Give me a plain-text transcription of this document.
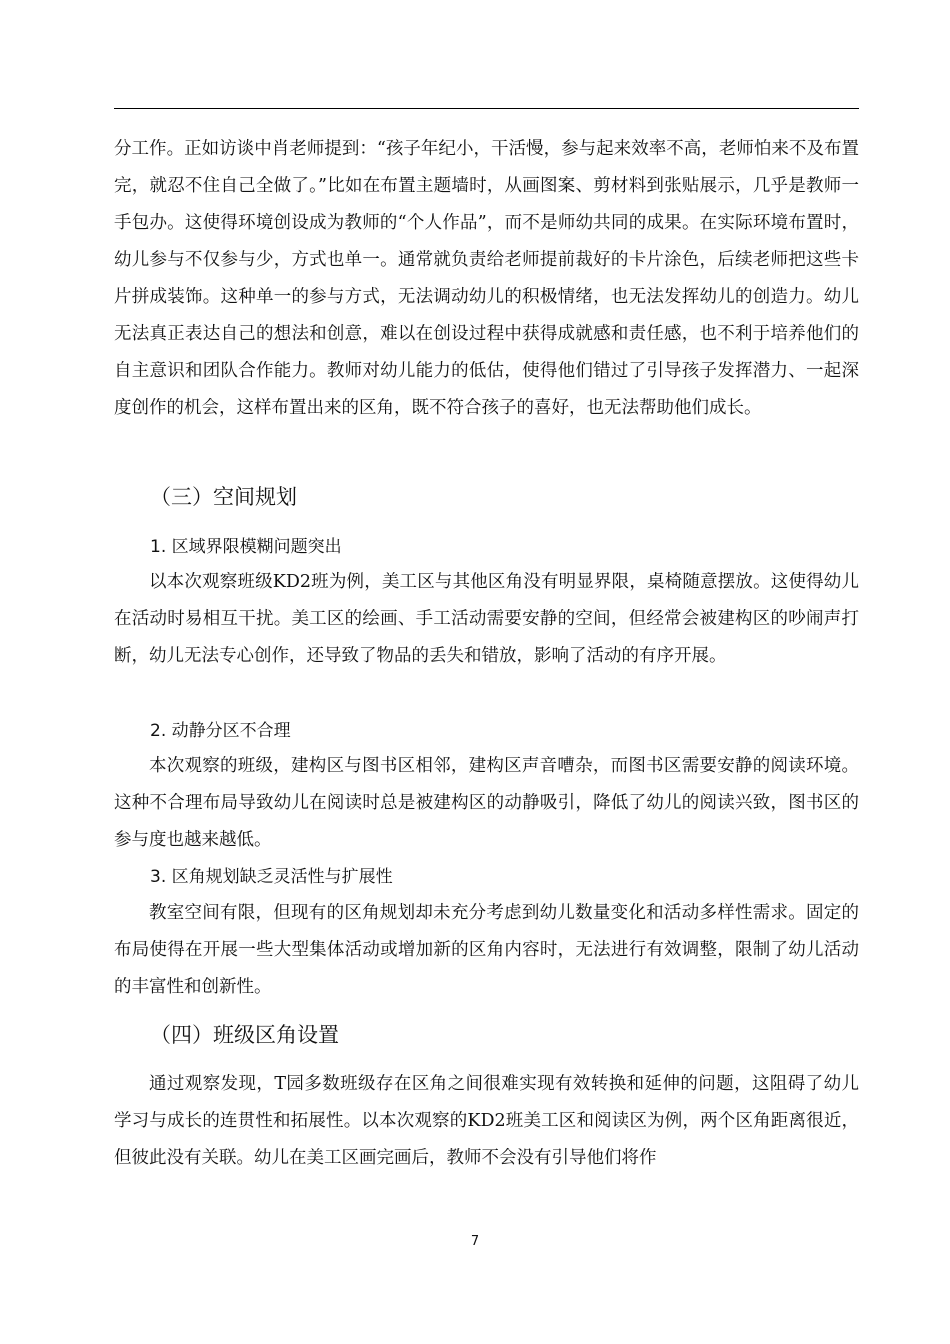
分工作。正如访谈中肖老师提到：“孩子年纪小，干活慢，参与起来效率不高，老师怕来不及布置完，就忍不住自己全做了。”比如在布置主题墙时，从画图案、剪材料到张贴展示，几乎是教师一手包办。这使得环境创设成为教师的“个人作品”，而不是师幼共同的成果。在实际环境布置时，幼儿参与不仅参与少，方式也单一。通常就负责给老师提前裁好的卡片涂色，后续老师把这些卡片拼成装饰。这种单一的参与方式，无法调动幼儿的积极情绪，也无法发挥幼儿的创造力。幼儿无法真正表达自己的想法和创意，难以在创设过程中获得成就感和责任感，也不利于培养他们的自主意识和团队合作能力。教师对幼儿能力的低估，使得他们错过了引导孩子发挥潜力、一起深度创作的机会，这样布置出来的区角，既不符合孩子的喜好，也无法帮助他们成长。

（三）空间规划
1. 区域界限模糊问题突出

以本次观察班级KD2班为例，美工区与其他区角没有明显界限，桌椅随意摆放。这使得幼儿在活动时易相互干扰。美工区的绘画、手工活动需要安静的空间，但经常会被建构区的吵闹声打断，幼儿无法专心创作，还导致了物品的丢失和错放，影响了活动的有序开展。

2. 动静分区不合理

本次观察的班级，建构区与图书区相邻，建构区声音嘈杂，而图书区需要安静的阅读环境。这种不合理布局导致幼儿在阅读时总是被建构区的动静吸引，降低了幼儿的阅读兴致，图书区的参与度也越来越低。

3. 区角规划缺乏灵活性与扩展性

教室空间有限，但现有的区角规划却未充分考虑到幼儿数量变化和活动多样性需求。固定的布局使得在开展一些大型集体活动或增加新的区角内容时，无法进行有效调整，限制了幼儿活动的丰富性和创新性。

（四）班级区角设置

通过观察发现，T园多数班级存在区角之间很难实现有效转换和延伸的问题，这阻碍了幼儿学习与成长的连贯性和拓展性。以本次观察的KD2班美工区和阅读区为例，两个区角距离很近，但彼此没有关联。幼儿在美工区画完画后，教师不会没有引导他们将作

7
